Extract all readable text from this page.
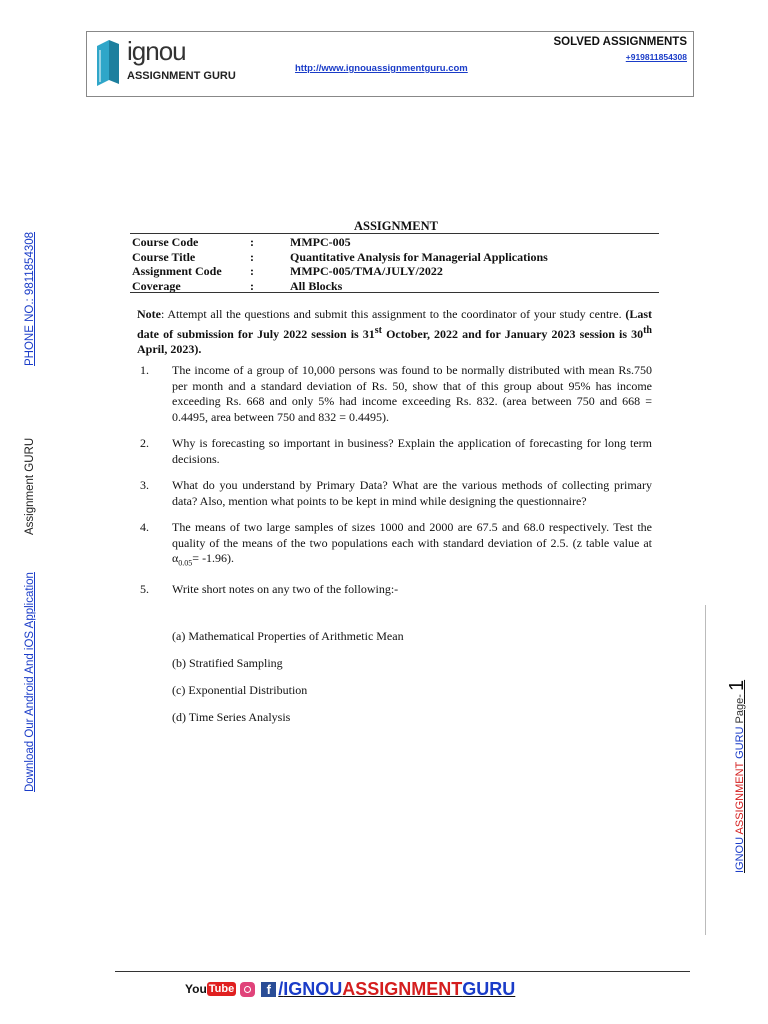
ignou
ASSIGNMENT GURU
http://www.ignouassignmentguru.com
SOLVED ASSIGNMENTS
+919811854308
Download Our Android And iOS Application
Assignment GURU
PHONE NO.: 9811854308
IGNOU ASSIGNMENT GURU Page- 1
ASSIGNMENT
Course Code	:	MMPC-005
Course Title	:	Quantitative Analysis for Managerial Applications
Assignment Code	:	MMPC-005/TMA/JULY/2022
Coverage	:	All Blocks
Note: Attempt all the questions and submit this assignment to the coordinator of your study centre. (Last date of submission for July 2022 session is 31st October, 2022 and for January 2023 session is 30th April, 2023).
1. The income of a group of 10,000 persons was found to be normally distributed with mean Rs.750 per month and a standard deviation of Rs. 50, show that of this group about 95% has income exceeding Rs. 668 and only 5% had income exceeding Rs. 832. (area between 750 and 668 = 0.4495, area between 750 and 832 = 0.4495).
2. Why is forecasting so important in business? Explain the application of forecasting for long term decisions.
3. What do you understand by Primary Data? What are the various methods of collecting primary data? Also, mention what points to be kept in mind while designing the questionnaire?
4. The means of two large samples of sizes 1000 and 2000 are 67.5 and 68.0 respectively. Test the quality of the means of the two populations each with standard deviation of 2.5. (z table value at $\alpha_{0.05}= -1.96$).
5. Write short notes on any two of the following:-
(a) Mathematical Properties of Arithmetic Mean
(b) Stratified Sampling
(c) Exponential Distribution
(d) Time Series Analysis
You Tube	f /IGNOUASSIGNMENTGURU
